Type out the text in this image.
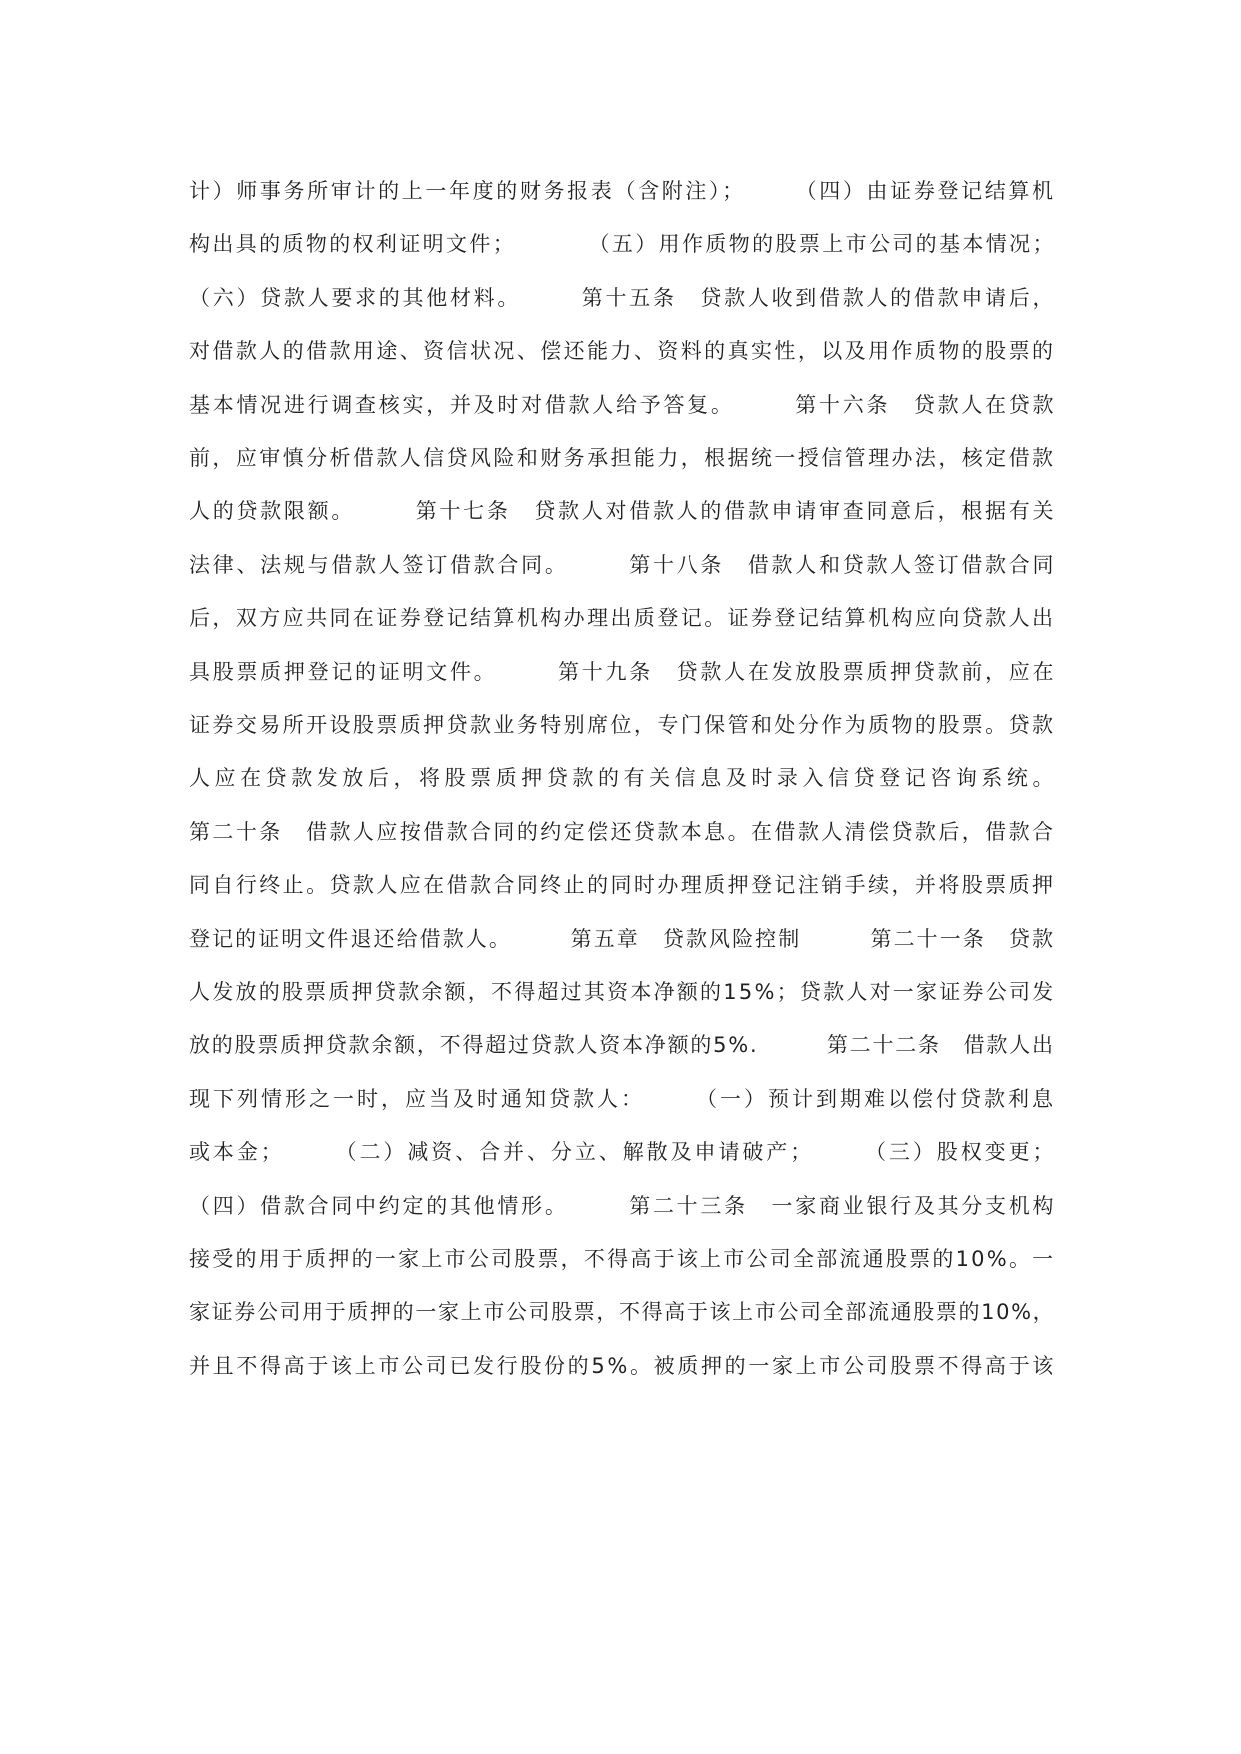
计）师事务所审计的上一年度的财务报表（含附注）；　　　（四）由证券登记结算机
构出具的质物的权利证明文件；　　　　（五）用作质物的股票上市公司的基本情况；
（六）贷款人要求的其他材料。　　　第十五条　贷款人收到借款人的借款申请后，
对借款人的借款用途、资信状况、偿还能力、资料的真实性，以及用作质物的股票的
基本情况进行调查核实，并及时对借款人给予答复。　　　第十六条　贷款人在贷款
前，应审慎分析借款人信贷风险和财务承担能力，根据统一授信管理办法，核定借款
人的贷款限额。　　　第十七条　贷款人对借款人的借款申请审查同意后，根据有关
法律、法规与借款人签订借款合同。　　　第十八条　借款人和贷款人签订借款合同
后，双方应共同在证券登记结算机构办理出质登记。证券登记结算机构应向贷款人出
具股票质押登记的证明文件。　　　第十九条　贷款人在发放股票质押贷款前，应在
证券交易所开设股票质押贷款业务特别席位，专门保管和处分作为质物的股票。贷款
人应在贷款发放后，将股票质押贷款的有关信息及时录入信贷登记咨询系统。
第二十条　借款人应按借款合同的约定偿还贷款本息。在借款人清偿贷款后，借款合
同自行终止。贷款人应在借款合同终止的同时办理质押登记注销手续，并将股票质押
登记的证明文件退还给借款人。　　　第五章　贷款风险控制　　　第二十一条　贷款
人发放的股票质押贷款余额，不得超过其资本净额的15%；贷款人对一家证券公司发
放的股票质押贷款余额，不得超过贷款人资本净额的5%.　　　第二十二条　借款人出
现下列情形之一时，应当及时通知贷款人：　　　（一）预计到期难以偿付贷款利息
或本金；　　　（二）减资、合并、分立、解散及申请破产；　　　（三）股权变更；
（四）借款合同中约定的其他情形。　　　第二十三条　一家商业银行及其分支机构
接受的用于质押的一家上市公司股票，不得高于该上市公司全部流通股票的10%。一
家证券公司用于质押的一家上市公司股票，不得高于该上市公司全部流通股票的10%，
并且不得高于该上市公司已发行股份的5%。被质押的一家上市公司股票不得高于该
